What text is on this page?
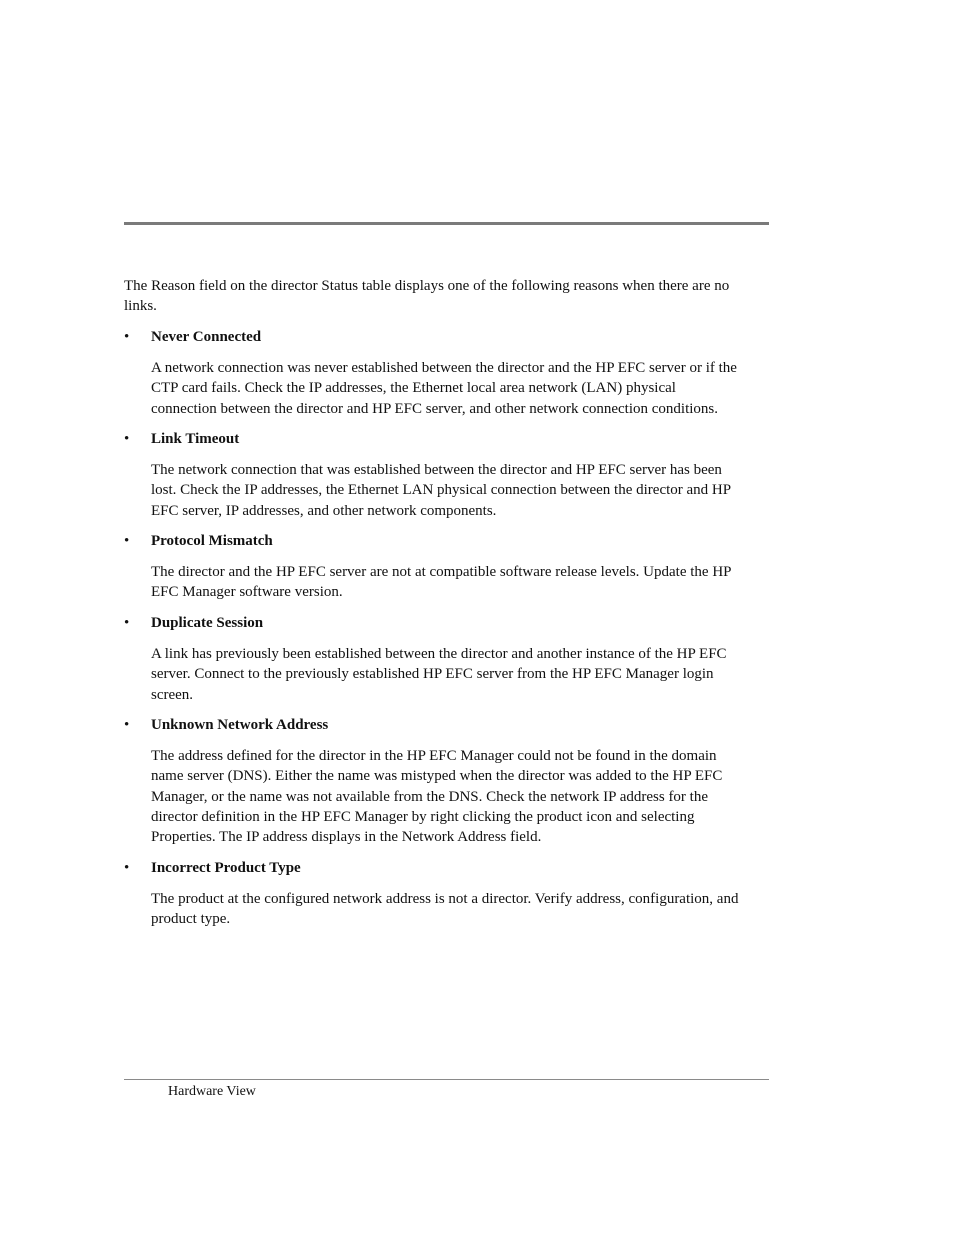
The Reason field on the director Status table displays one of the following reasons when there are no links.

•	Never Connected

A network connection was never established between the director and the HP EFC server or if the CTP card fails. Check the IP addresses, the Ethernet local area network (LAN) physical connection between the director and HP EFC server, and other network connection conditions.

•	Link Timeout

The network connection that was established between the director and HP EFC server has been lost. Check the IP addresses, the Ethernet LAN physical connection between the director and HP EFC server, IP addresses, and other network components.

•	Protocol Mismatch

The director and the HP EFC server are not at compatible software release levels. Update the HP EFC Manager software version.

•	Duplicate Session

A link has previously been established between the director and another instance of the HP EFC server. Connect to the previously established HP EFC server from the HP EFC Manager login screen.

•	Unknown Network Address

The address defined for the director in the HP EFC Manager could not be found in the domain name server (DNS). Either the name was mistyped when the director was added to the HP EFC Manager, or the name was not available from the DNS. Check the network IP address for the director definition in the HP EFC Manager by right clicking the product icon and selecting Properties. The IP address displays in the Network Address field.

•	Incorrect Product Type

The product at the configured network address is not a director. Verify address, configuration, and product type.

Hardware View
